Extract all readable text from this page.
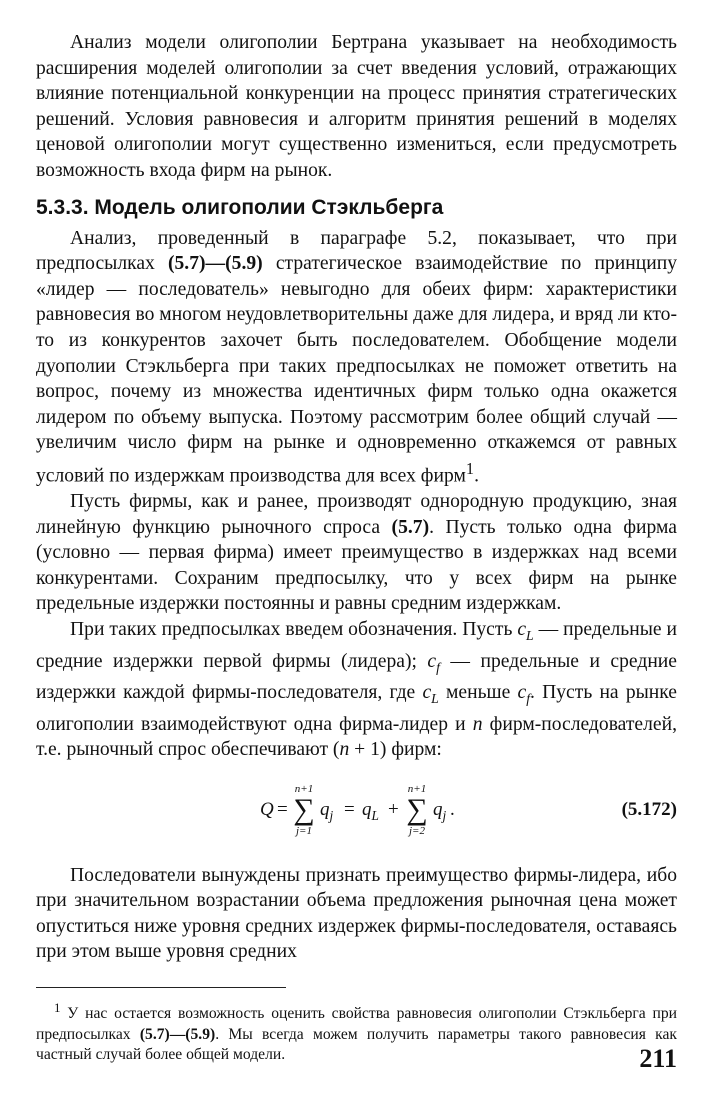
Анализ модели олигополии Бертрана указывает на необходимость расширения моделей олигополии за счет введения условий, отражающих влияние потенциальной конкуренции на процесс принятия стратегических решений. Условия равновесия и алгоритм принятия решений в моделях ценовой олигополии могут существенно измениться, если предусмотреть возможность входа фирм на рынок.

5.3.3. Модель олигополии Стэкльберга

Анализ, проведенный в параграфе 5.2, показывает, что при предпосылках (5.7)—(5.9) стратегическое взаимодействие по принципу «лидер — последователь» невыгодно для обеих фирм: характеристики равновесия во многом неудовлетворительны даже для лидера, и вряд ли кто-то из конкурентов захочет быть последователем. Обобщение модели дуополии Стэкльберга при таких предпосылках не поможет ответить на вопрос, почему из множества идентичных фирм только одна окажется лидером по объему выпуска. Поэтому рассмотрим более общий случай — увеличим число фирм на рынке и одновременно откажемся от равных условий по издержкам производства для всех фирм$^1$.

Пусть фирмы, как и ранее, производят однородную продукцию, зная линейную функцию рыночного спроса (5.7). Пусть только одна фирма (условно — первая фирма) имеет преимущество в издержках над всеми конкурентами. Сохраним предпосылку, что у всех фирм на рынке предельные издержки постоянны и равны средним издержкам.

При таких предпосылках введем обозначения. Пусть $c_L$ — предельные и средние издержки первой фирмы (лидера); $c_f$ — предельные и средние издержки каждой фирмы-последователя, где $c_L$ меньше $c_f$. Пусть на рынке олигополии взаимодействуют одна фирма-лидер и n фирм-последователей, т.е. рыночный спрос обеспечивают (n + 1) фирм:

Q =
n+1
∑
j=1
$q_j = q_L$ +
n+1
∑
j=2
$q_j$ .	(5.172)

Последователи вынуждены признать преимущество фирмы-лидера, ибо при значительном возрастании объема предложения рыночная цена может опуститься ниже уровня средних издержек фирмы-последователя, оставаясь при этом выше уровня средних

$^1$ У нас остается возможность оценить свойства равновесия олигополии Стэкльберга при предпосылках (5.7)—(5.9). Мы всегда можем получить параметры такого равновесия как частный случай более общей модели.	211
